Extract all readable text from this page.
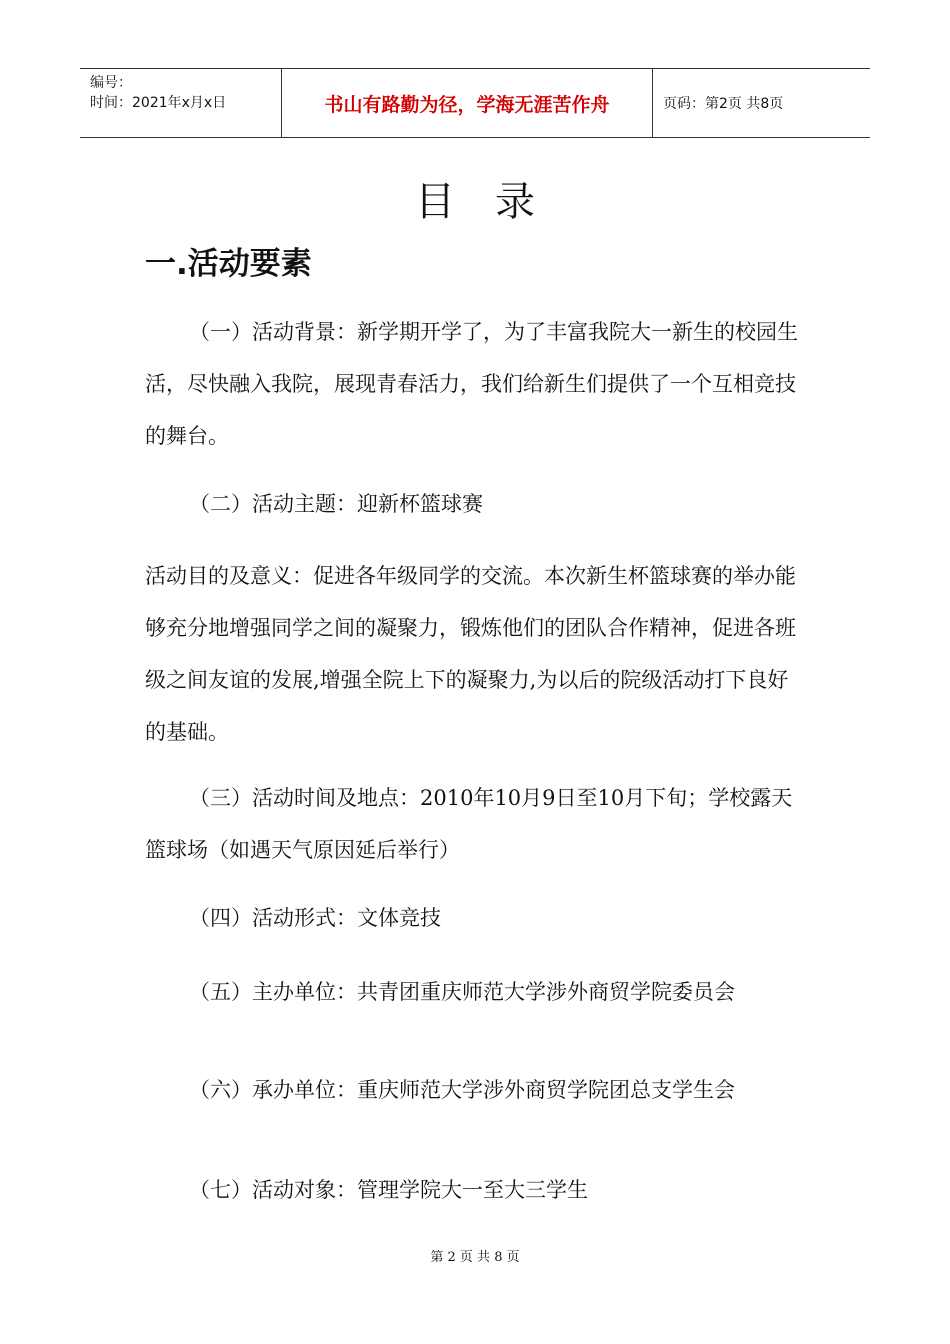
编号：
时间：2021年x月x日	书山有路勤为径，学海无涯苦作舟	页码：第2页 共8页
目录
一.活动要素

（一）活动背景：新学期开学了，为了丰富我院大一新生的校园生活，尽快融入我院，展现青春活力，我们给新生们提供了一个互相竞技的舞台。

（二）活动主题：迎新杯篮球赛

活动目的及意义：促进各年级同学的交流。本次新生杯篮球赛的举办能够充分地增强同学之间的凝聚力，锻炼他们的团队合作精神，促进各班级之间友谊的发展,增强全院上下的凝聚力,为以后的院级活动打下良好的基础。

（三）活动时间及地点：2010年10月9日至10月下旬；学校露天篮球场（如遇天气原因延后举行）

（四）活动形式：文体竞技

（五）主办单位：共青团重庆师范大学涉外商贸学院委员会

（六）承办单位：重庆师范大学涉外商贸学院团总支学生会

（七）活动对象：管理学院大一至大三学生

第 2 页 共 8 页
